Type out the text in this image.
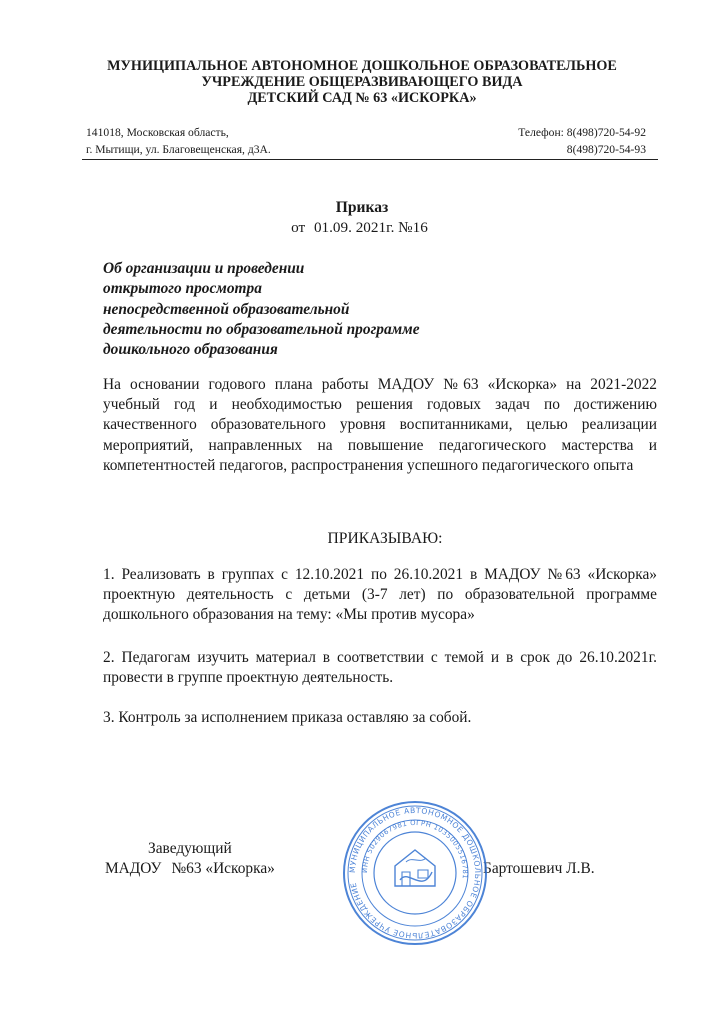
МУНИЦИПАЛЬНОЕ АВТОНОМНОЕ ДОШКОЛЬНОЕ ОБРАЗОВАТЕЛЬНОЕ
УЧРЕЖДЕНИЕ ОБЩЕРАЗВИВАЮЩЕГО ВИДА
ДЕТСКИЙ САД № 63 «ИСКОРКА»
141018, Московская область,
г. Мытищи, ул. Благовещенская, д3А.
Телефон: 8(498)720-54-92
8(498)720-54-93
Приказ
от 01.09. 2021г. №16
Об организации и проведении
открытого просмотра
непосредственной образовательной
деятельности по образовательной программе
дошкольного образования
На основании годового плана работы МАДОУ №63 «Искорка» на 2021-2022 учебный год и необходимостью решения годовых задач по достижению качественного образовательного уровня воспитанниками, целью реализации мероприятий, направленных на повышение педагогического мастерства и компетентностей педагогов, распространения успешного педагогического опыта
ПРИКАЗЫВАЮ:
1. Реализовать в группах с 12.10.2021 по 26.10.2021 в МАДОУ №63 «Искорка» проектную деятельность с детьми (3-7 лет) по образовательной программе дошкольного образования на тему: «Мы против мусора»
2. Педагогам изучить материал в соответствии с темой и в срок до 26.10.2021г. провести в группе проектную деятельность.
3. Контроль за исполнением приказа оставляю за собой.
Заведующий
МАДОУ №63 «Искорка»	Бартошевич Л.В.
МУНИЦИПАЛЬНОЕ АВТОНОМНОЕ ДОШКОЛЬНОЕ ОБРАЗОВАТЕЛЬНОЕ УЧРЕЖДЕНИЕ
ИНН 5029067981 ОГРН 1035005516781
